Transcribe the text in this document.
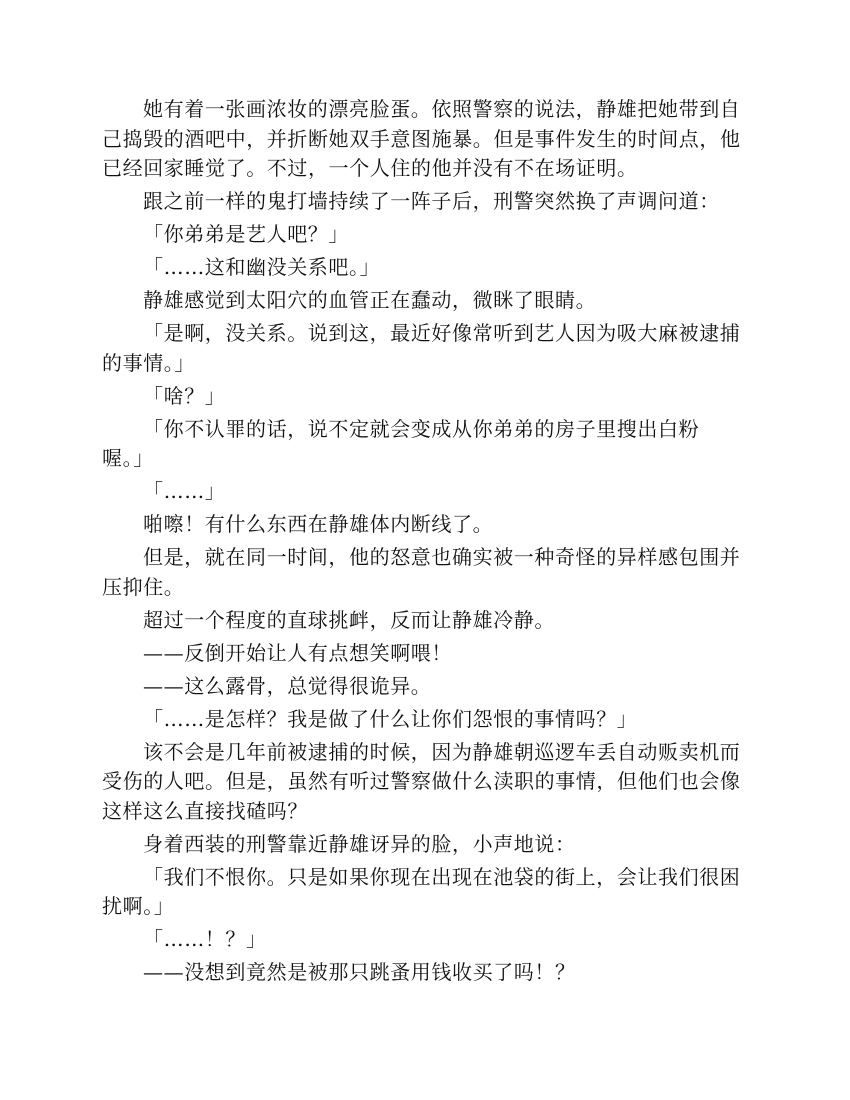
她有着一张画浓妆的漂亮脸蛋。依照警察的说法，静雄把她带到自
己捣毁的酒吧中，并折断她双手意图施暴。但是事件发生的时间点，他
已经回家睡觉了。不过，一个人住的他并没有不在场证明。
跟之前一样的鬼打墙持续了一阵子后，刑警突然换了声调问道：
「你弟弟是艺人吧？」
「……这和幽没关系吧。」
静雄感觉到太阳穴的血管正在蠢动，微眯了眼睛。
「是啊，没关系。说到这，最近好像常听到艺人因为吸大麻被逮捕
的事情。」
「啥？」
「你不认罪的话，说不定就会变成从你弟弟的房子里搜出白粉
喔。」
「……」
啪嚓！有什么东西在静雄体内断线了。
但是，就在同一时间，他的怒意也确实被一种奇怪的异样感包围并
压抑住。
超过一个程度的直球挑衅，反而让静雄冷静。
——反倒开始让人有点想笑啊喂！
——这么露骨，总觉得很诡异。
「……是怎样？我是做了什么让你们怨恨的事情吗？」
该不会是几年前被逮捕的时候，因为静雄朝巡逻车丢自动贩卖机而
受伤的人吧。但是，虽然有听过警察做什么渎职的事情，但他们也会像
这样这么直接找碴吗？
身着西装的刑警靠近静雄讶异的脸，小声地说：
「我们不恨你。只是如果你现在出现在池袋的街上，会让我们很困
扰啊。」
「……！？」
——没想到竟然是被那只跳蚤用钱收买了吗！？
